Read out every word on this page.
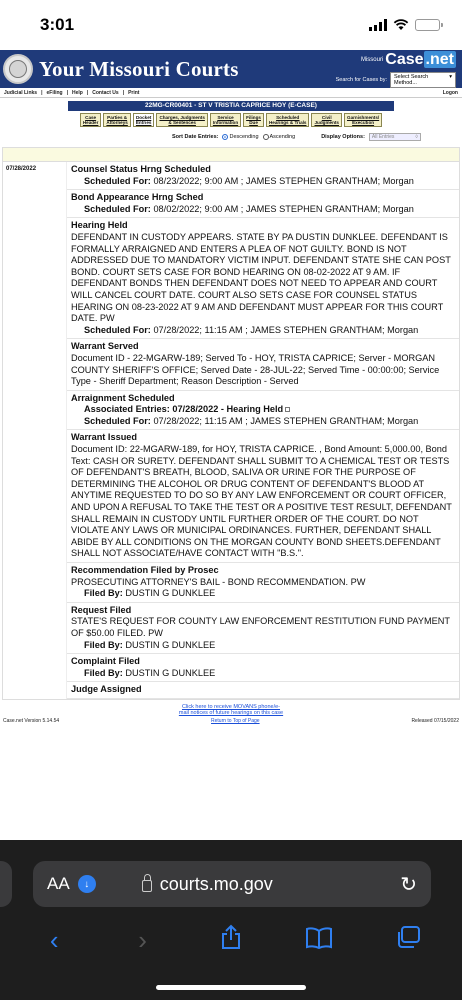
3:01
Your Missouri Courts	$^{Missouri}$ Case .net
Search for Cases by: Select Search Method...
▾
Judicial Links | eFiling | Help | Contact Us | Print	Logon
22MG-CR00401 - ST V TRISTIA CAPRICE HOY (E-CASE)
Case
Header
Parties &
Attorneys
Docket
Entries
Charges, Judgments
& Sentences
Service
Information
Filings
Due
Scheduled
Hearings & Trials
Civil
Judgments
Garnishments/
Execution
Sort Date Entries: Descending Ascending	Display Options: All Entries	◊
07/28/2022	Counsel Status Hrng Scheduled
Scheduled For: 08/23/2022; 9:00 AM ; JAMES STEPHEN GRANTHAM; Morgan
Bond Appearance Hrng Sched
Scheduled For: 08/02/2022; 9:00 AM ; JAMES STEPHEN GRANTHAM; Morgan
Hearing Held
DEFENDANT IN CUSTODY APPEARS. STATE BY PA DUSTIN DUNKLEE. DEFENDANT IS FORMALLY ARRAIGNED AND ENTERS A PLEA OF NOT GUILTY. BOND IS NOT ADDRESSED DUE TO MANDATORY VICTIM INPUT. DEFENDANT STATE SHE CAN POST BOND. COURT SETS CASE FOR BOND HEARING ON 08-02-2022 AT 9 AM. IF DEFENDANT BONDS THEN DEFENDANT DOES NOT NEED TO APPEAR AND COURT WILL CANCEL COURT DATE. COURT ALSO SETS CASE FOR COUNSEL STATUS HEARING ON 08-23-2022 AT 9 AM AND DEFENDANT MUST APPEAR FOR THIS COURT DATE. PW
Scheduled For: 07/28/2022; 11:15 AM ; JAMES STEPHEN GRANTHAM; Morgan
Warrant Served
Document ID - 22-MGARW-189; Served To - HOY, TRISTA CAPRICE; Server - MORGAN COUNTY SHERIFF'S OFFICE; Served Date - 28-JUL-22; Served Time - 00:00:00; Service Type - Sheriff Department; Reason Description - Served
Arraignment Scheduled
Associated Entries: 07/28/2022 - Hearing Held
Scheduled For: 07/28/2022; 11:15 AM ; JAMES STEPHEN GRANTHAM; Morgan
Warrant Issued
Document ID: 22-MGARW-189, for HOY, TRISTA CAPRICE. , Bond Amount: 5,000.00, Bond Text: CASH OR SURETY. DEFENDANT SHALL SUBMIT TO A CHEMICAL TEST OR TESTS OF DEFENDANT'S BREATH, BLOOD, SALIVA OR URINE FOR THE PURPOSE OF DETERMINING THE ALCOHOL OR DRUG CONTENT OF DEFENDANT'S BLOOD AT ANYTIME REQUESTED TO DO SO BY ANY LAW ENFORCEMENT OR COURT OFFICER, AND UPON A REFUSAL TO TAKE THE TEST OR A POSITIVE TEST RESULT, DEFENDANT SHALL REMAIN IN CUSTODY UNTIL FURTHER ORDER OF THE COURT. DO NOT VIOLATE ANY LAWS OR MUNICIPAL ORDINANCES. FURTHER, DEFENDANT SHALL ABIDE BY ALL CONDITIONS ON THE MORGAN COUNTY BOND SHEETS.DEFENDANT SHALL NOT ASSOCIATE/HAVE CONTACT WITH "B.S.".
Recommendation Filed by Prosec
PROSECUTING ATTORNEY'S BAIL - BOND RECOMMENDATION. PW
Filed By: DUSTIN G DUNKLEE
Request Filed
STATE'S REQUEST FOR COUNTY LAW ENFORCEMENT RESTITUTION FUND PAYMENT OF $50.00 FILED. PW
Filed By: DUSTIN G DUNKLEE
Complaint Filed
Filed By: DUSTIN G DUNKLEE
Judge Assigned
Click here to receive MOVANS phone/e-
mail notices of future hearings on this case
Case.net Version 5.14.54	Return to Top of Page	Released 07/15/2022
AA	↓	courts.mo.gov	↻
‹	›
